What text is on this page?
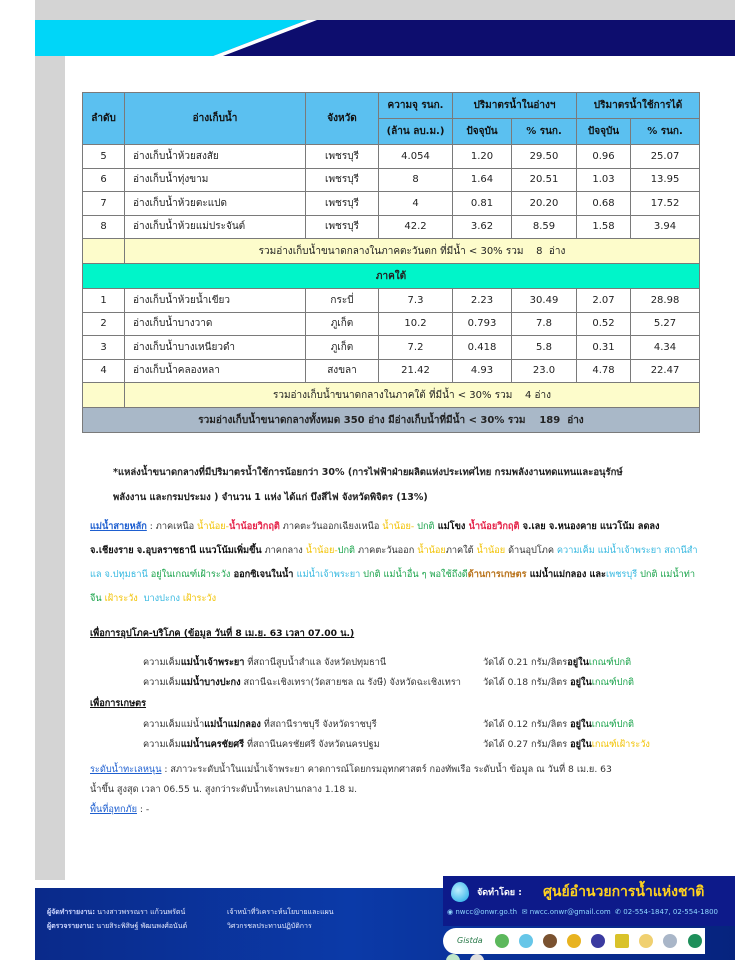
ลำดับ	อ่างเก็บน้ำ	จังหวัด	ความจุ รนก.	ปริมาตรน้ำในอ่างฯ		ปริมาตรน้ำใช้การได้	
			(ล้าน ลบ.ม.)	ปัจจุบัน	% รนก.	ปัจจุบัน	% รนก.
5	อ่างเก็บน้ำห้วยสงสัย	เพชรบุรี	4.054	1.20	29.50	0.96	25.07
6	อ่างเก็บน้ำทุ่งขาม	เพชรบุรี	8	1.64	20.51	1.03	13.95
7	อ่างเก็บน้ำห้วยตะแปด	เพชรบุรี	4	0.81	20.20	0.68	17.52
8	อ่างเก็บน้ำห้วยแม่ประจันต์	เพชรบุรี	42.2	3.62	8.59	1.58	3.94
	รวมอ่างเก็บน้ำขนาดกลางในภาคตะวันตก ที่มีน้ำ < 30% รวม    8  อ่าง						
ภาคใต้							
1	อ่างเก็บน้ำห้วยน้ำเขียว	กระบี่	7.3	2.23	30.49	2.07	28.98
2	อ่างเก็บน้ำบางวาด	ภูเก็ต	10.2	0.793	7.8	0.52	5.27
3	อ่างเก็บน้ำบางเหนียวดำ	ภูเก็ต	7.2	0.418	5.8	0.31	4.34
4	อ่างเก็บน้ำคลองหลา	สงขลา	21.42	4.93	23.0	4.78	22.47
	รวมอ่างเก็บน้ำขนาดกลางในภาคใต้ ที่มีน้ำ < 30% รวม    4 อ่าง						
รวมอ่างเก็บน้ำขนาดกลางทั้งหมด 350 อ่าง มีอ่างเก็บน้ำที่มีน้ำ < 30% รวม    189  อ่าง							
*แหล่งน้ำขนาดกลางที่มีปริมาตรน้ำใช้การน้อยกว่า 30% (การไฟฟ้าฝ่ายผลิตแห่งประเทศไทย กรมพลังงานทดแทนและอนุรักษ์
พลังงาน และกรมประมง ) จำนวน 1 แห่ง ได้แก่ บึงสีไฟ จังหวัดพิจิตร (13%)
แม่น้ำสายหลัก : ภาคเหนือ น้ำน้อย-น้ำน้อยวิกฤติ ภาคตะวันออกเฉียงเหนือ น้ำน้อย- ปกติ แม่โขง น้ำน้อยวิกฤติ จ.เลย จ.หนองคาย แนวโน้ม ลดลง จ.เชียงราย จ.อุบลราชธานี แนวโน้มเพิ่มขึ้น ภาคกลาง น้ำน้อย-ปกติ ภาคตะวันออก น้ำน้อยภาคใต้ น้ำน้อย ด้านอุปโภค ความเค็ม แม่น้ำเจ้าพระยา สถานีสำแล จ.ปทุมธานี อยู่ในเกณฑ์เฝ้าระวัง ออกซิเจนในน้ำ แม่น้ำเจ้าพระยา ปกติ แม่น้ำอื่น ๆ พอใช้ถึงดีด้านการเกษตร แม่น้ำแม่กลอง และเพชรบุรี ปกติ แม่น้ำท่าจีน เฝ้าระวัง  บางปะกง เฝ้าระวัง
เพื่อการอุปโภค-บริโภค (ข้อมูล วันที่ 8 เม.ย. 63 เวลา 07.00 น.)
ความเค็มแม่น้ำเจ้าพระยา ที่สถานีสูบน้ำสำแล จังหวัดปทุมธานี	วัดได้ 0.21 กรัม/ลิตรอยู่ในเกณฑ์ปกติ
ความเค็มแม่น้ำบางปะกง สถานีฉะเชิงเทรา(วัดสายชล ณ รังษี) จังหวัดฉะเชิงเทรา วัดได้ 0.18 กรัม/ลิตร อยู่ในเกณฑ์ปกติ
เพื่อการเกษตร
ความเค็มแม่น้ำแม่น้ำแม่กลอง ที่สถานีราชบุรี จังหวัดราชบุรี	วัดได้ 0.12 กรัม/ลิตร อยู่ในเกณฑ์ปกติ
ความเค็มแม่น้ำนครชัยศรี ที่สถานีนครชัยศรี จังหวัดนครปฐม	วัดได้ 0.27 กรัม/ลิตร อยู่ในเกณฑ์เฝ้าระวัง
ระดับน้ำทะเลหนุน : สภาวะระดับน้ำในแม่น้ำเจ้าพระยา คาดการณ์โดยกรมอุทกศาสตร์ กองทัพเรือ ระดับน้ำ ข้อมูล ณ วันที่ 8 เม.ย. 63
น้ำขึ้น สูงสุด เวลา 06.55 น. สูงกว่าระดับน้ำทะเลปานกลาง 1.18 ม.
พื้นที่อุทกภัย : -
ผู้จัดทำรายงาน: นางสาวพรรณรา แก้วนพรัตน์
ผู้ตรวจรายงาน: นายสิระพิสิษฐ์ พัฒนพงศ์อนันต์
เจ้าหน้าที่วิเคราะห์นโยบายและแผน
วิศวกรชลประทานปฏิบัติการ
จัดทำโดย : ศูนย์อำนวยการน้ำแห่งชาติ
◉ nwcc@onwr.go.th ✉ nwcc.onwr@gmail.com ✆ 02-554-1847, 02-554-1800
Gistda
